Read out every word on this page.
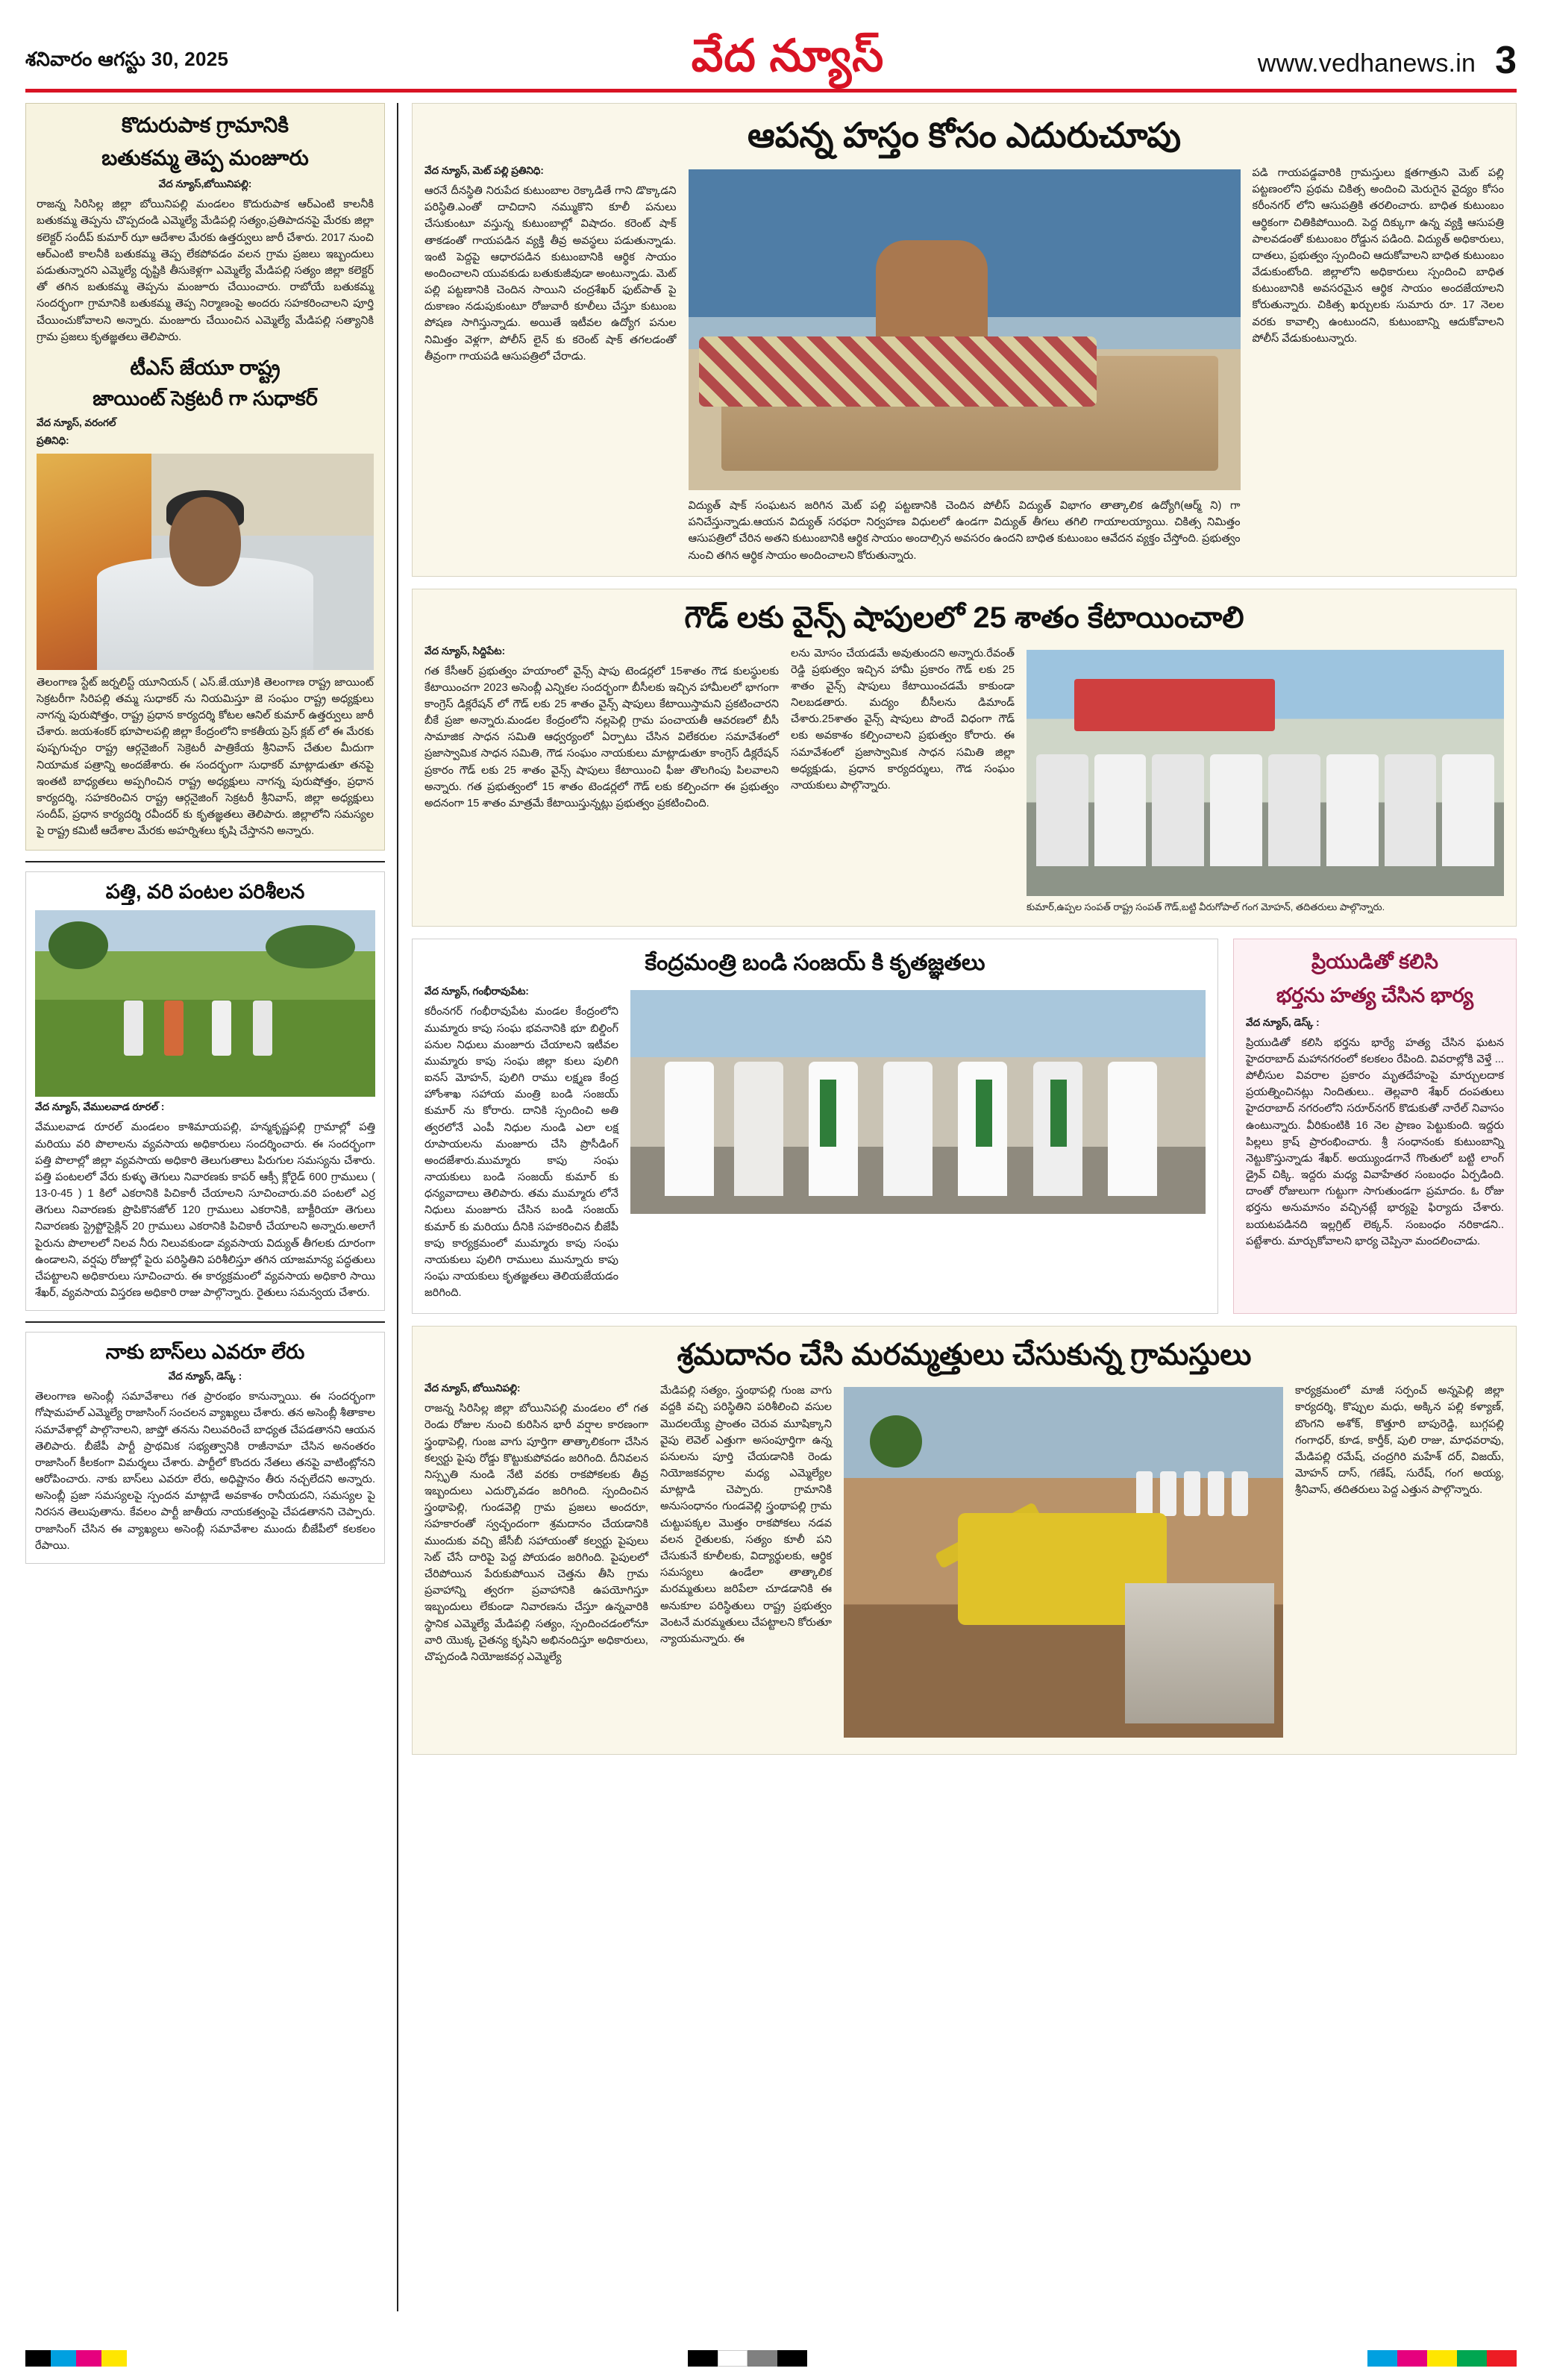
శనివారం ఆగస్టు 30, 2025	వేద న్యూస్	www.vedhanews.in 3
కొదురుపాక గ్రామానికి
బతుకమ్మ తెప్ప మంజూరు
వేద న్యూస్,బోయినిపల్లి:
రాజన్న సిరిసిల్ల జిల్లా బోయినిపల్లి మండలం కొదురుపాక ఆర్ఎంటి కాలనీకి బతుకమ్మ తెప్పను చొప్పదండి ఎమ్మెల్యే మేడిపల్లి సత్యం,ప్రతిపాదనపై మేరకు జిల్లా కలెక్టర్ సందీప్ కుమార్ ఝా ఆదేశాల మేరకు ఉత్తర్వులు జారీ చేశారు. 2017 నుంచి ఆర్ఎంటి కాలనీకి బతుకమ్మ తెప్ప లేకపోవడం వలన గ్రామ ప్రజలు ఇబ్బందులు పడుతున్నారని ఎమ్మెల్యే దృష్టికి తీసుకెళ్లగా ఎమ్మెల్యే మేడిపల్లి సత్యం జిల్లా కలెక్టర్ తో తగిన బతుకమ్మ తెప్పను మంజూరు చేయించారు. రాబోయే బతుకమ్మ సందర్భంగా గ్రామానికి బతుకమ్మ తెప్ప నిర్మాణంపై అందరు సహకరించాలని పూర్తి చేయించుకోవాలని అన్నారు. మంజూరు చేయించిన ఎమ్మెల్యే మేడిపల్లి సత్యానికి గ్రామ ప్రజలు కృతజ్ఞతలు తెలిపారు.
టీఎస్ జేయూ రాష్ట్ర
జాయింట్ సెక్రటరీ గా సుధాకర్
వేద న్యూస్, వరంగల్
ప్రతినిధి:
తెలంగాణ స్టేట్ జర్నలిస్ట్ యూనియన్ ( ఎస్.జే.యూ)కి తెలంగాణ రాష్ట్ర జాయింట్ సెక్రటరీగా సిరిపల్లి తమ్మ సుధాకర్ ను నియమిస్తూ జె సంఘం రాష్ట్ర అధ్యక్షులు నాగన్న పురుషోత్తం, రాష్ట్ర ప్రధాన కార్యదర్శి కోటల ఆనిల్ కుమార్ ఉత్తర్వులు జారీ చేశారు. జయశంకర్ భూపాలపల్లి జిల్లా కేంద్రంలోని కాకతీయ ప్రెస్ క్లబ్ లో ఈ మేరకు పుష్పగుచ్చం రాష్ట్ర ఆర్గనైజింగ్ సెక్రెటరీ పాత్రికేయ శ్రీనివాస్ చేతుల మీదుగా నియామక పత్రాన్ని అందజేశారు. ఈ సందర్భంగా సుధాకర్ మాట్లాడుతూ తనపై ఇంతటి బాధ్యతలు అప్పగించిన రాష్ట్ర అధ్యక్షులు నాగన్న పురుషోత్తం, ప్రధాన కార్యదర్శి, సహకరించిన రాష్ట్ర ఆర్గనైజింగ్ సెక్రటరీ శ్రీనివాస్, జిల్లా అధ్యక్షులు సందీప్, ప్రధాన కార్యదర్శి రవీందర్ కు కృతజ్ఞతలు తెలిపారు. జిల్లాలోని సమస్యల పై రాష్ట్ర కమిటీ ఆదేశాల మేరకు అహర్నిశలు కృషి చేస్తానని అన్నారు.
పత్తి, వరి పంటల పరిశీలన
వేద న్యూస్, వేములవాడ రూరల్ :
వేములవాడ రూరల్ మండలం కాశిమాయపల్లి, హన్మకృష్ణపల్లి గ్రామాల్లో పత్తి మరియు వరి పొలాలను వ్యవసాయ అధికారులు సందర్శించారు. ఈ సందర్భంగా పత్తి పొలాల్లో జిల్లా వ్యవసాయ అధికారి తెలుగుతాలు పిరుగుల సమస్యను చేశారు. పత్తి పంటలలో వేరు కుళ్ళు తెగులు నివారణకు కాపర్ ఆక్సీ క్లోరైడ్ 600 గ్రాములు ( 13-0-45 ) 1 కిలో ఎకరానికి పిచికారీ చేయాలని సూచించారు.వరి పంటలో ఎర్ర తెగులు నివారణకు ప్రొపికొనజోల్ 120 గ్రాములు ఎకరానికి, బాక్టీరియా తెగులు నివారణకు స్ట్రెప్టోసైక్లిన్ 20 గ్రాములు ఎకరానికి పిచికారీ చేయాలని అన్నారు.అలాగే పైరును పొలాలలో నిలవ నీరు నిలువకుండా వ్యవసాయ విద్యుత్ తీగలకు దూరంగా ఉండాలని, వర్షపు రోజుల్లో పైరు పరిస్థితిని పరిశీలిస్తూ తగిన యాజమాన్య పద్ధతులు చేపట్టాలని అధికారులు సూచించారు. ఈ కార్యక్రమంలో వ్యవసాయ అధికారి సాయి శేఖర్, వ్యవసాయ విస్తరణ అధికారి రాజు పాల్గొన్నారు. రైతులు సమన్వయ చేశారు.
నాకు బాస్‌లు ఎవరూ లేరు
వేద న్యూస్, డెస్క్ :
తెలంగాణ అసెంబ్లీ సమావేశాలు గత ప్రారంభం కానున్నాయి. ఈ సందర్భంగా గోషామహల్ ఎమ్మెల్యే రాజాసింగ్ సంచలన వ్యాఖ్యలు చేశారు. తన అసెంబ్లీ శీతాకాల సమావేశాల్లో పాల్గొనాలని, జాప్తో తనను నిలువరించే బాధ్యత చేపడతానని ఆయన తెలిపారు. బీజేపీ పార్టీ ప్రాథమిక సభ్యత్వానికి రాజీనామా చేసిన అనంతరం రాజాసింగ్ కీలకంగా విమర్శలు చేశారు. పార్టీలో కొందరు నేతలు తనపై వాటింట్లోనని ఆరోపించారు. నాకు బాస్‌లు ఎవరూ లేరు, అధిష్టానం తీరు నచ్చలేదని అన్నారు. అసెంబ్లీ ప్రజా సమస్యలపై స్పందన మాట్లాడే అవకాశం రానీయదని, సమస్యల పై నిరసన తెలుపుతాను. కేవలం పార్టీ జాతీయ నాయకత్వంపై చేపడతానని చెప్పారు. రాజాసింగ్ చేసిన ఈ వ్యాఖ్యలు అసెంబ్లీ సమావేశాల ముందు బీజేపీలో కలకలం రేపాయి.
ఆపన్న హస్తం కోసం ఎదురుచూపు
వేద న్యూస్, మెట్ పల్లి ప్రతినిధి:
ఆరనే దీనస్థితి నిరుపేద కుటుంబాల రెక్కాడితే గాని డొక్కాడని పరిస్థితి.ఎంతో దాచిదాని నమ్ముకొని కూలీ పనులు చేసుకుంటూ వస్తున్న కుటుంబాల్లో విషాదం. కరెంట్ షాక్ తాకడంతో గాయపడిన వ్యక్తి తీవ్ర అవస్థలు పడుతున్నాడు. ఇంటి పెద్దపై ఆధారపడిన కుటుంబానికి ఆర్థిక సాయం అందించాలని యువకుడు బతుకుజీవుడా అంటున్నాడు. మెట్ పల్లి పట్టణానికి చెందిన సాయిని చంద్రశేఖర్ ఫుట్‌పాత్ పై దుకాణం నడుపుకుంటూ రోజువారీ కూలీలు చేస్తూ కుటుంబ పోషణ సాగిస్తున్నాడు. అయితే ఇటీవల ఉద్యోగ పనుల నిమిత్తం వెళ్లగా, పోలీస్ లైన్ కు కరెంట్ షాక్ తగలడంతో తీవ్రంగా గాయపడి ఆసుపత్రిలో చేరాడు.
విద్యుత్ షాక్ సంఘటన జరిగిన మెట్ పల్లి పట్టణానికి చెందిన పోలీస్ విద్యుత్ విభాగం తాత్కాలిక ఉద్యోగి(ఆర్మ్ ని) గా పనిచేస్తున్నాడు.ఆయన విద్యుత్ సరఫరా నిర్వహణ విధులలో ఉండగా విద్యుత్ తీగలు తగిలి గాయాలయ్యాయి. చికిత్స నిమిత్తం ఆసుపత్రిలో చేరిన అతని కుటుంబానికి ఆర్థిక సాయం అందాల్సిన అవసరం ఉందని బాధిత కుటుంబం ఆవేదన వ్యక్తం చేస్తోంది. ప్రభుత్వం నుంచి తగిన ఆర్థిక సాయం అందించాలని కోరుతున్నారు.
పడి గాయపడ్డవారికి గ్రామస్తులు క్షతగాత్రుని మెట్ పల్లి పట్టణంలోని ప్రథమ చికిత్స అందించి మెరుగైన వైద్యం కోసం కరీంనగర్ లోని ఆసుపత్రికి తరలించారు. బాధిత కుటుంబం ఆర్థికంగా చితికిపోయింది. పెద్ద దిక్కుగా ఉన్న వ్యక్తి ఆసుపత్రి పాలవడంతో కుటుంబం రోడ్డున పడింది. విద్యుత్ అధికారులు, దాతలు, ప్రభుత్వం స్పందించి ఆదుకోవాలని బాధిత కుటుంబం వేడుకుంటోంది. జిల్లాలోని అధికారులు స్పందించి బాధిత కుటుంబానికి అవసరమైన ఆర్థిక సాయం అందజేయాలని కోరుతున్నారు. చికిత్స ఖర్చులకు సుమారు రూ. 17 నెలల వరకు కావాల్సి ఉంటుందని, కుటుంబాన్ని ఆదుకోవాలని పోలీస్ వేడుకుంటున్నారు.
గౌడ్ లకు వైన్స్ షాపులలో 25 శాతం కేటాయించాలి
వేద న్యూస్, సిద్దిపేట:
గత కేసీఆర్ ప్రభుత్వం హయాంలో వైన్స్ షాపు టెండర్లలో 15శాతం గౌడ కులస్థులకు కేటాయించగా 2023 అసెంబ్లీ ఎన్నికల సందర్భంగా బీసీలకు ఇచ్చిన హామీలలో భాగంగా కాంగ్రెస్ డిక్లరేషన్ లో గౌడ్ లకు 25 శాతం వైన్స్ షాపులు కేటాయిస్తామని ప్రకటించారని బీకే ప్రజా అన్నారు.మండల కేంద్రంలోని నల్లపెల్లి గ్రామ పంచాయతీ ఆవరణలో బీసీ సామాజిక సాధన సమితి ఆధ్వర్యంలో ఏర్పాటు చేసిన విలేకరుల సమావేశంలో ప్రజాస్వామిక సాధన సమితి, గౌడ సంఘం నాయకులు మాట్లాడుతూ కాంగ్రెస్ డిక్లరేషన్ ప్రకారం గౌడ్ లకు 25 శాతం వైన్స్ షాపులు కేటాయించి ఫీజు తొలగింపు పిలవాలని అన్నారు. గత ప్రభుత్వంలో 15 శాతం టెండర్లలో గౌడ్ లకు కల్పించగా ఈ ప్రభుత్వం అదనంగా 15 శాతం మాత్రమే కేటాయిస్తున్నట్లు ప్రభుత్వం ప్రకటించింది.
లను మోసం చేయడమే అవుతుందని అన్నారు.రేవంత్ రెడ్డి ప్రభుత్వం ఇచ్చిన హామీ ప్రకారం గౌడ్ లకు 25 శాతం వైన్స్ షాపులు కేటాయించడమే కాకుండా నిలబడతారు. మద్యం బీసీలను డిమాండ్ చేశారు.25శాతం వైన్స్ షాపులు పొందే విధంగా గౌడ్ లకు అవకాశం కల్పించాలని ప్రభుత్వం కోరారు. ఈ సమావేశంలో ప్రజాస్వామిక సాధన సమితి జిల్లా అధ్యక్షుడు, ప్రధాన కార్యదర్శులు, గౌడ సంఘం నాయకులు పాల్గొన్నారు.
కుమార్,ఉప్పల సంపత్ రాష్ట్ర సంపత్ గౌడ్,బట్టి వీరుగోపాల్ గంగ మోహన్, తదితరులు పాల్గొన్నారు.
కేంద్రమంత్రి బండి సంజయ్ కి కృతజ్ఞతలు
వేద న్యూస్, గంభీరావుపేట:
కరీంనగర్ గంభీరావుపేట మండల కేంద్రంలోని ముమ్మారు కాపు సంఘ భవనానికి భూ బిల్డింగ్ పనుల నిధులు మంజూరు చేయాలని ఇటీవల ముమ్మారు కాపు సంఘ జిల్లా కులు పులిగి ఐనస్ మోహన్, పులిగి రాము లక్ష్మణ కేంద్ర హోంశాఖ సహాయ మంత్రి బండి సంజయ్ కుమార్ ను కోరారు. దానికి స్పందించి అతి త్వరలోనే ఎంపీ నిధుల నుండి ఎలా లక్ష రూపాయలను మంజూరు చేసి ప్రొసీడింగ్ అందజేశారు.ముమ్మారు కాపు సంఘ నాయకులు బండి సంజయ్ కుమార్ కు ధన్యవాదాలు తెలిపారు. తమ ముమ్మారు లోనే నిధులు మంజూరు చేసిన బండి సంజయ్ కుమార్ కు మరియు దీనికి సహకరించిన బీజేపీ కాపు కార్యక్రమంలో ముమ్మారు కాపు సంఘ నాయకులు పులిగి రాములు మున్నూరు కాపు సంఘ నాయకులు కృతజ్ఞతలు తెలియజేయడం జరిగింది.
ప్రియుడితో కలిసి
భర్తను హత్య చేసిన భార్య
వేద న్యూస్, డెస్క్ :
ప్రియుడితో కలిసి భర్తను భార్యే హత్య చేసిన ఘటన హైదరాబాద్ మహానగరంలో కలకలం రేపింది. వివరాల్లోకి వెళ్తే ... పోలీసుల వివరాల ప్రకారం మృతదేహంపై మార్చులదాక ప్రయత్నించినట్లు నిందితులు.. తెల్లవారి శేఖర్ దంపతులు హైదరాబాద్ నగరంలోని సరూర్‌నగర్ కొడుకుతో నారేల్ నివాసం ఉంటున్నారు. వీరికుంటికి 16 నెల ప్రాణం పెట్టుకుంది. ఇద్దరు పిల్లలు క్రాష్ ప్రారంభించారు. శ్రీ సంధానంకు కుటుంబాన్ని నెట్టుకొస్తున్నాడు శేఖర్. అయ్యుండగానే గొంతులో బట్టి లాంగ్ డ్రైవ్ చిక్కి. ఇద్దరు మధ్య వివాహేతర సంబంధం ఏర్పడింది. దాంతో రోజులుగా గుట్టుగా సాగుతుండగా ప్రమాదం. ఓ రోజు భర్తను అనుమానం వచ్చినట్లే భార్యపై ఫిర్యాదు చేశారు. బయటపడినది ఇల్లగ్రిట్ లెక్కన్. సంబంధం నరికాడని.. పట్టేశారు. మార్చుకోవాలని భార్య చెప్పినా మందలించాడు.
శ్రమదానం చేసి మరమ్మత్తులు చేసుకున్న గ్రామస్తులు
వేద న్యూస్, బోయినిపల్లి:
రాజన్న సిరిసిల్ల జిల్లా బోయినిపల్లి మండలం లో గత రెండు రోజుల నుంచి కురిసిన భారీ వర్షాల కారణంగా స్త్రంథాపెల్లి, గుంజ వాగు పూర్తిగా తాత్కాలికంగా చేసిన కల్వర్టు పైపు రోడ్డు కొట్టుకుపోవడం జరిగింది. దీనివలన నిస్సృతి నుండి నేటి వరకు రాకపోకలకు తీవ్ర ఇబ్బందులు ఎదుర్కొవడం జరిగింది. స్పందించిన స్త్రంథాపెల్లి, గుండవెల్లి గ్రామ ప్రజలు అందరూ, సహకారంతో స్వచ్ఛందంగా శ్రమదానం చేయడానికి ముందుకు వచ్చి జేసీబీ సహాయంతో కల్వర్టు పైపులు సెట్ చేసే దారిపై పెద్ద పోయడం జరిగింది. పైపులలో చేరిపోయిన పేరుకుపోయిన చెత్తను తీసి గ్రామ ప్రవాహాన్ని త్వరగా ప్రవాహానికి ఉపయోగిస్తూ ఇబ్బందులు లేకుండా నివారణను చేస్తూ ఉన్నవారికి స్థానిక ఎమ్మెల్యే మేడిపల్లి సత్యం, స్పందించడంలోనూ వారి యొక్క చైతన్య కృషిని అభినందిస్తూ అధికారులు, చొప్పదండి నియోజకవర్గ ఎమ్మెల్యే
మేడిపల్లి సత్యం, స్త్రంథాపల్లి గుంజ వాగు వద్దకి వచ్చి పరిస్థితిని పరిశీలించి వసుల మొదలయ్యే ప్రాంతం చెరువ మూషిక్కాని వైపు లెవెల్ ఎత్తుగా అసంపూర్తిగా ఉన్న పనులను పూర్తి చేయడానికి రెండు నియోజకవర్గాల మధ్య ఎమ్మెల్యేల మాట్లాడి చెప్పారు. గ్రామానికి అనుసంధానం గుండవెల్లి స్త్రంథాపల్లి గ్రామ చుట్టుపక్కల మొత్తం రాకపోకలు నడవ వలన రైతులకు, సత్యం కూలీ పని చేసుకునే కూలీలకు, విద్యార్థులకు, ఆర్థిక సమస్యలు ఉండేలా తాత్కాలిక మరమ్మతులు జరిపేలా చూడడానికి ఈ అనుకూల పరిస్థితులు రాష్ట్ర ప్రభుత్వం వెంటనే మరమ్మతులు చేపట్టాలని కోరుతూ న్యాయమన్నారు. ఈ
కార్యక్రమంలో మాజీ సర్పంచ్ అన్నపెల్లి జిల్లా కార్యదర్శి, కొప్పుల మధు, అక్కిన పల్లి కళ్యాణ్, బొంగని అశోక్, కొత్తూరి బాపురెడ్డి, బుగ్గపల్లి గంగాధర్, కూడ, కార్తీక్, పులి రాజు, మాధవరావు, మేడిపల్లి రమేష్, చంద్రగిరి మహేశ్ దర్, విజయ్, మోహన్ దాస్, గణేష్, సురేష్, గంగ అయ్య, శ్రీనివాస్, తదితరులు పెద్ద ఎత్తున పాల్గొన్నారు.
